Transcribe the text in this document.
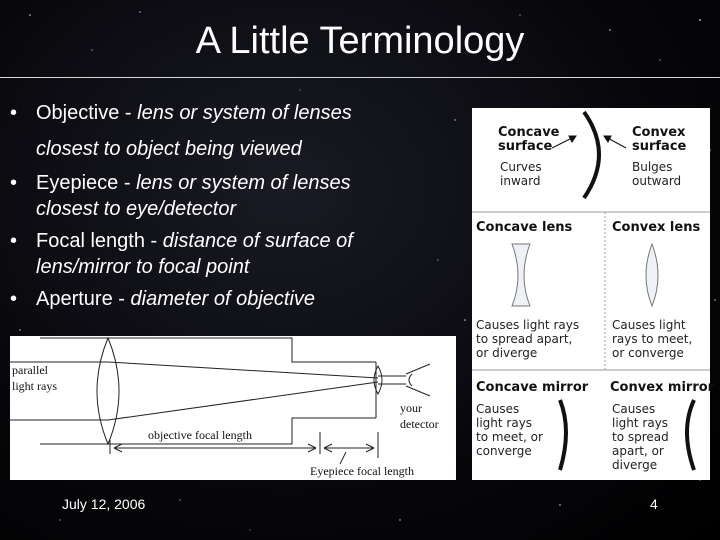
A Little Terminology
• Objective - lens or system of lenses
closest to object being viewed
• Eyepiece - lens or system of lenses
closest to eye/detector
• Focal length - distance of surface of
lens/mirror to focal point
• Aperture - diameter of objective
parallel
light rays
objective focal length
Eyepiece focal length
your
detector
Concave
surface
Curves
inward
Convex
surface
Bulges
outward
Concave lens	Convex lens
Causes light rays
to spread apart,
or diverge
Causes light
rays to meet,
or converge
Concave mirror Convex mirror
Causes
light rays
to meet, or
converge
Causes
light rays
to spread
apart, or
diverge
July 12, 2006	4
